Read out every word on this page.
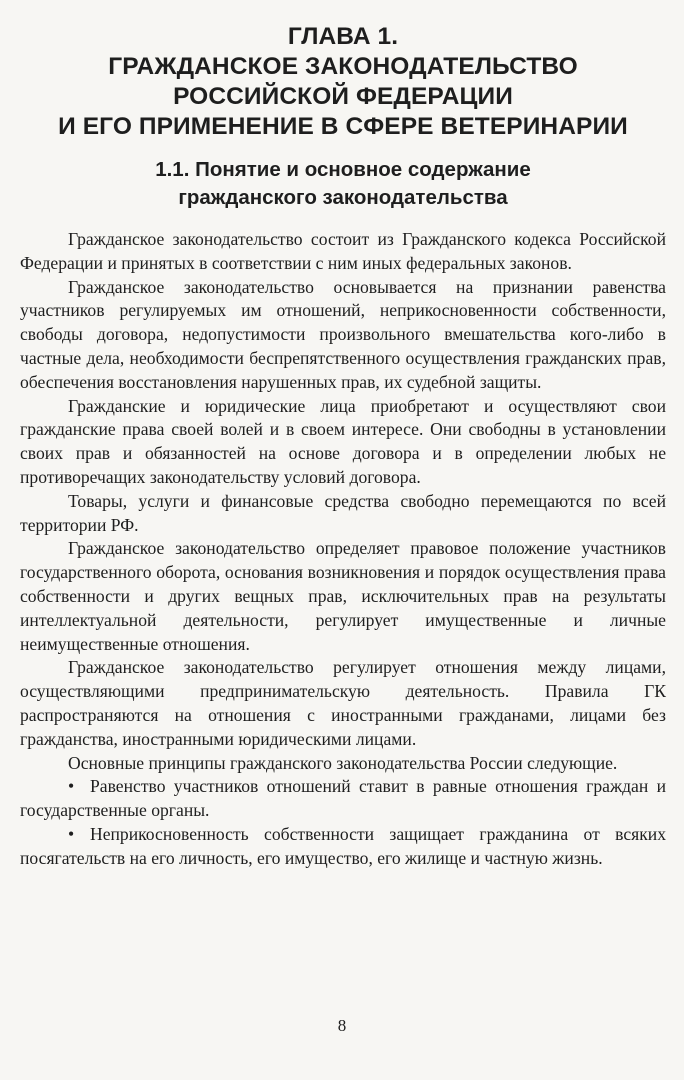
ГЛАВА 1.
ГРАЖДАНСКОЕ ЗАКОНОДАТЕЛЬСТВО
РОССИЙСКОЙ ФЕДЕРАЦИИ
И ЕГО ПРИМЕНЕНИЕ В СФЕРЕ ВЕТЕРИНАРИИ
1.1. Понятие и основное содержание
гражданского законодательства

Гражданское законодательство состоит из Гражданского кодекса Российской Федерации и принятых в соответствии с ним иных федеральных законов.

Гражданское законодательство основывается на признании равенства участников регулируемых им отношений, неприкосновенности собственности, свободы договора, недопустимости произвольного вмешательства кого-либо в частные дела, необходимости беспрепятственного осуществления гражданских прав, обеспечения восстановления нарушенных прав, их судебной защиты.

Гражданские и юридические лица приобретают и осуществляют свои гражданские права своей волей и в своем интересе. Они свободны в установлении своих прав и обязанностей на основе договора и в определении любых не противоречащих законодательству условий договора.

Товары, услуги и финансовые средства свободно перемещаются по всей территории РФ.

Гражданское законодательство определяет правовое положение участников государственного оборота, основания возникновения и порядок осуществления права собственности и других вещных прав, исключительных прав на результаты интеллектуальной деятельности, регулирует имущественные и личные неимущественные отношения.

Гражданское законодательство регулирует отношения между лицами, осуществляющими предпринимательскую деятельность. Правила ГК распространяются на отношения с иностранными гражданами, лицами без гражданства, иностранными юридическими лицами.

Основные принципы гражданского законодательства России следующие.

• Равенство участников отношений ставит в равные отношения граждан и государственные органы.

• Неприкосновенность собственности защищает гражданина от всяких посягательств на его личность, его имущество, его жилище и частную жизнь.

8
